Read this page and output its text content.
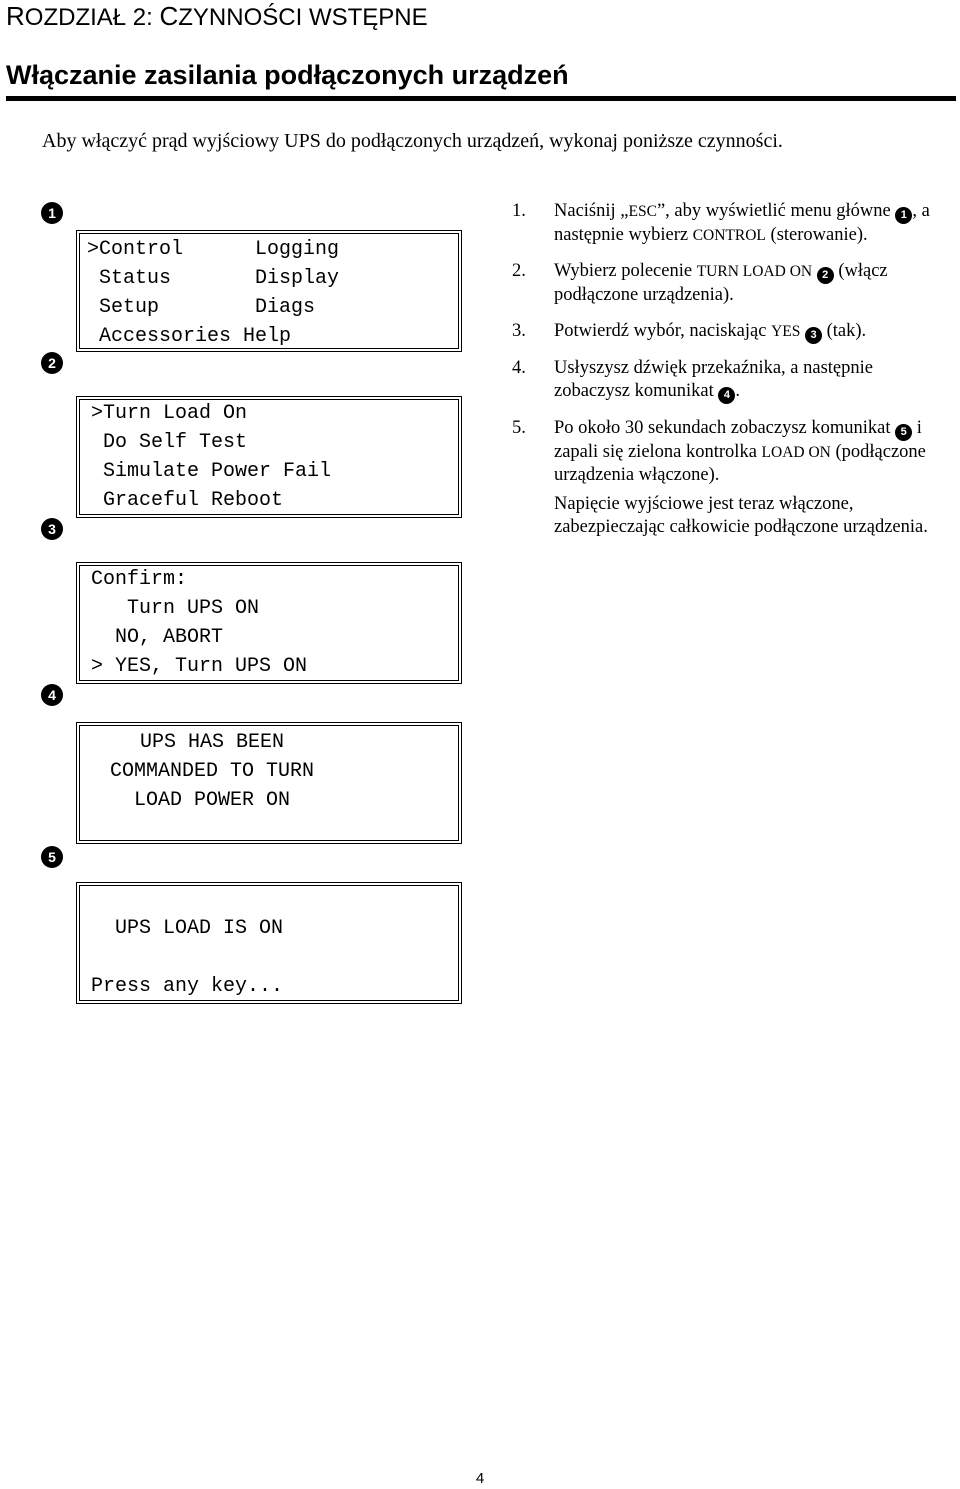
ROZDZIAŁ 2: CZYNNOŚCI WSTĘPNE
Włączanie zasilania podłączonych urządzeń
Aby włączyć prąd wyjściowy UPS do podłączonych urządzeń, wykonaj poniższe czynności.
1
2
3
4
5
>Control      Logging
Status       Display
Setup        Diags
Accessories Help
>Turn Load On
Do Self Test
Simulate Power Fail
Graceful Reboot
Confirm:
Turn UPS ON
NO, ABORT
> YES, Turn UPS ON
UPS HAS BEEN
COMMANDED TO TURN
LOAD POWER ON
UPS LOAD IS ON
Press any key...
1. Naciśnij „ESC”, aby wyświetlić menu główne 1 , a następnie wybierz CONTROL (sterowanie).
2. Wybierz polecenie TURN LOAD ON 2 (włącz podłączone urządzenia).
3. Potwierdź wybór, naciskając YES 3 (tak).
4. Usłyszysz dźwięk przekaźnika, a następnie zobaczysz komunikat 4 .
5. Po około 30 sekundach zobaczysz komunikat 5 i zapali się zielona kontrolka LOAD ON (podłączone urządzenia włączone).
Napięcie wyjściowe jest teraz włączone, zabezpieczając całkowicie podłączone urządzenia.
4
